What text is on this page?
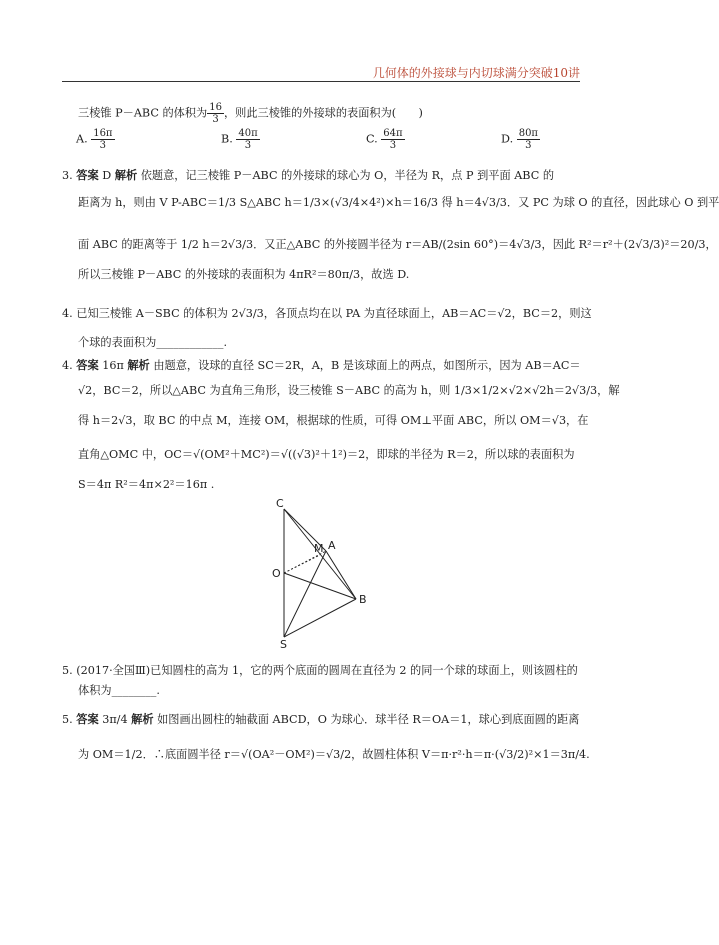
几何体的外接球与内切球满分突破10讲
三棱锥 P－ABC 的体积为 $\frac{16}{3}$ ，则此三棱锥的外接球的表面积为(　　)
A. $\frac{16\pi}{3}$	B. $\frac{40\pi}{3}$	C. $\frac{64\pi}{3}$	D. $\frac{80\pi}{3}$
3. 答案 D 解析 依题意，记三棱锥 P－ABC 的外接球的球心为 O，半径为 R，点 P 到平面 ABC 的
距离为 h，则由 V P-ABC＝1/3 S△ABC h＝1/3×(√3/4×4²)×h＝16/3 得 h＝4√3/3．又 PC 为球 O 的直径，因此球心 O 到平
面 ABC 的距离等于 1/2 h＝2√3/3．又正△ABC 的外接圆半径为 r＝AB/(2sin 60°)＝4√3/3，因此 R²＝r²＋(2√3/3)²＝20/3，
所以三棱锥 P－ABC 的外接球的表面积为 4πR²＝80π/3，故选 D.
4. 已知三棱锥 A－SBC 的体积为 2√3/3，各顶点均在以 PA 为直径球面上，AB＝AC＝√2，BC＝2，则这
个球的表面积为____________.
4. 答案 16π 解析 由题意，设球的直径 SC＝2R，A，B 是该球面上的两点，如图所示，因为 AB＝AC＝
√2，BC＝2，所以△ABC 为直角三角形，设三棱锥 S－ABC 的高为 h，则 1/3×1/2×√2×√2h＝2√3/3，解
得 h＝2√3，取 BC 的中点 M，连接 OM，根据球的性质，可得 OM⊥平面 ABC，所以 OM＝√3，在
直角△OMC 中，OC＝√(OM²＋MC²)＝√((√3)²＋1²)＝2，即球的半径为 R＝2，所以球的表面积为
S＝4π R²＝4π×2²＝16π .
C
M A
O
B
S
5. (2017·全国Ⅲ)已知圆柱的高为 1，它的两个底面的圆周在直径为 2 的同一个球的球面上，则该圆柱的
体积为________.
5. 答案 3π/4 解析 如图画出圆柱的轴截面 ABCD，O 为球心．球半径 R＝OA＝1，球心到底面圆的距离
为 OM＝1/2．∴底面圆半径 r＝√(OA²－OM²)＝√3/2，故圆柱体积 V＝π·r²·h＝π·(√3/2)²×1＝3π/4.
